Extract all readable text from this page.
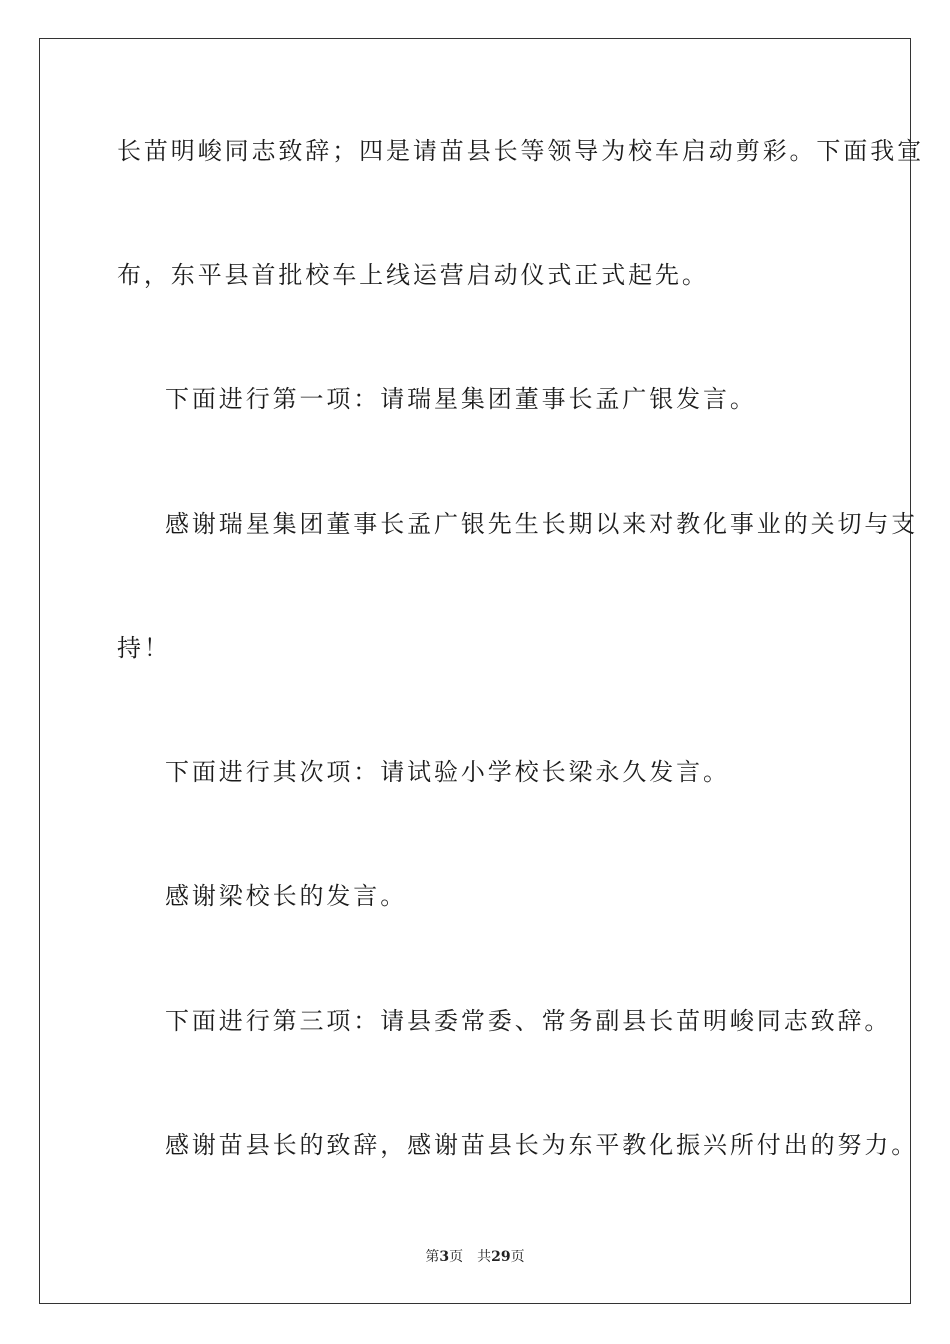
长苗明峻同志致辞；四是请苗县长等领导为校车启动剪彩。下面我宣
布，东平县首批校车上线运营启动仪式正式起先。
下面进行第一项：请瑞星集团董事长孟广银发言。
感谢瑞星集团董事长孟广银先生长期以来对教化事业的关切与支
持！
下面进行其次项：请试验小学校长梁永久发言。
感谢梁校长的发言。
下面进行第三项：请县委常委、常务副县长苗明峻同志致辞。
感谢苗县长的致辞，感谢苗县长为东平教化振兴所付出的努力。
第3页 共29页
